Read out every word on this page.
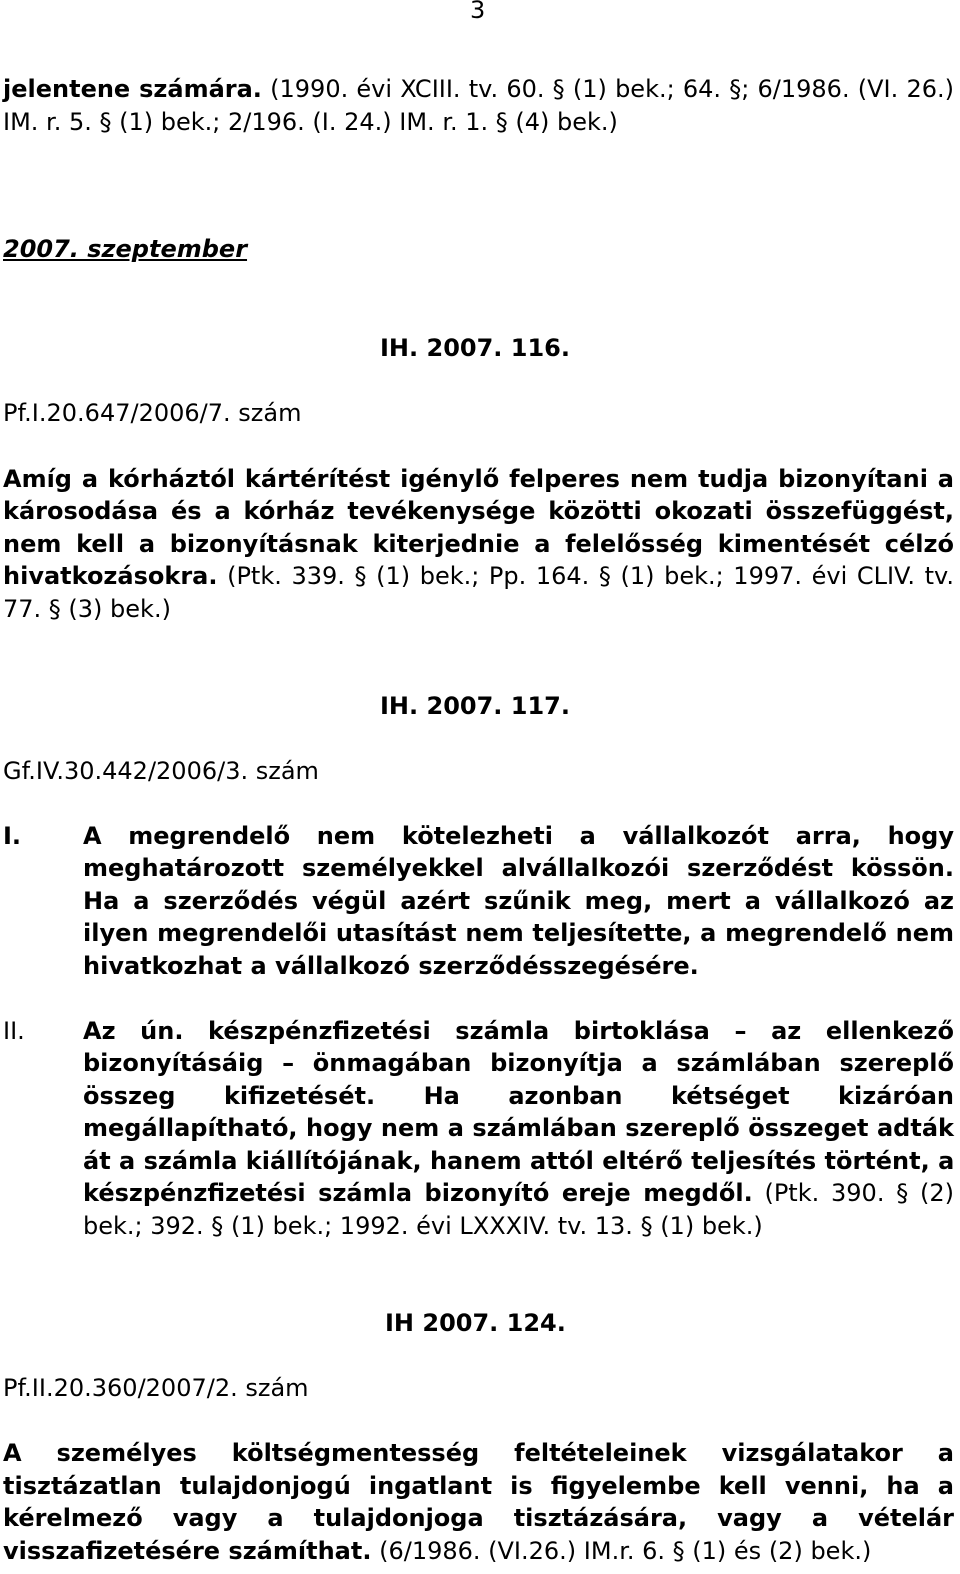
3
jelentene számára. (1990. évi XCIII. tv. 60. § (1) bek.; 64. §; 6/1986. (VI. 26.)
IM. r. 5. § (1) bek.; 2/196. (I. 24.) IM. r. 1. § (4) bek.)
2007. szeptember
IH. 2007. 116.
Pf.I.20.647/2006/7. szám
Amíg a kórháztól kártérítést igénylő felperes nem tudja bizonyítani a
károsodása és a kórház tevékenysége közötti okozati összefüggést,
nem kell a bizonyításnak kiterjednie a felelősség kimentését célzó
hivatkozásokra. (Ptk. 339. § (1) bek.; Pp. 164. § (1) bek.; 1997. évi CLIV. tv.
77. § (3) bek.)
IH. 2007. 117.
Gf.IV.30.442/2006/3. szám
I.	A megrendelő nem kötelezheti a vállalkozót arra, hogy
meghatározott személyekkel alvállalkozói szerződést kössön.
Ha a szerződés végül azért szűnik meg, mert a vállalkozó az
ilyen megrendelői utasítást nem teljesítette, a megrendelő nem
hivatkozhat a vállalkozó szerződésszegésére.
II. Az ún. készpénzfizetési számla birtoklása – az ellenkező
bizonyításáig – önmagában bizonyítja a számlában szereplő
összeg kifizetését. Ha azonban kétséget kizáróan
megállapítható, hogy nem a számlában szereplő összeget adták
át a számla kiállítójának, hanem attól eltérő teljesítés történt, a
készpénzfizetési számla bizonyító ereje megdől. (Ptk. 390. § (2)
bek.; 392. § (1) bek.; 1992. évi LXXXIV. tv. 13. § (1) bek.)
IH 2007. 124.
Pf.II.20.360/2007/2. szám
A személyes költségmentesség feltételeinek vizsgálatakor a
tisztázatlan tulajdonjogú ingatlant is figyelembe kell venni, ha a
kérelmező vagy a tulajdonjoga tisztázására, vagy a vételár
visszafizetésére számíthat. (6/1986. (VI.26.) IM.r. 6. § (1) és (2) bek.)
